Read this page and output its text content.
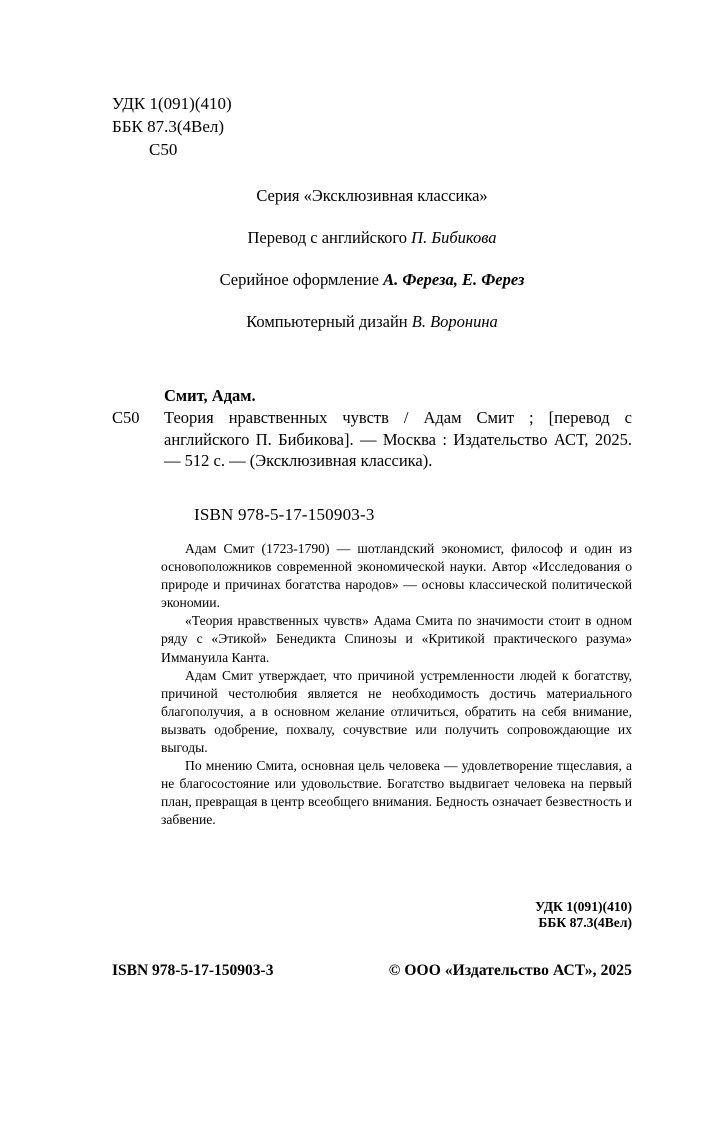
УДК 1(091)(410)
ББК 87.3(4Вел)
С50
Серия «Эксклюзивная классика»
Перевод с английского П. Бибикова
Серийное оформление А. Фереза, Е. Ферез
Компьютерный дизайн В. Воронина
Смит, Адам.
С50	Теория нравственных чувств / Адам Смит ; [перевод с английского П. Бибикова]. — Москва : Издательство АСТ, 2025. — 512 с. — (Эксклюзивная классика).
ISBN 978-5-17-150903-3

Адам Смит (1723-1790) — шотландский экономист, философ и один из основоположников современной экономической науки. Автор «Исследования о природе и причинах богатства народов» — основы классической политической экономии.

«Теория нравственных чувств» Адама Смита по значимости стоит в одном ряду с «Этикой» Бенедикта Спинозы и «Критикой практического разума» Иммануила Канта.

Адам Смит утверждает, что причиной устремленности людей к богатству, причиной честолюбия является не необходимость достичь материального благополучия, а в основном желание отличиться, обратить на себя внимание, вызвать одобрение, похвалу, сочувствие или получить сопровождающие их выгоды.

По мнению Смита, основная цель человека — удовлетворение тщеславия, а не благосостояние или удовольствие. Богатство выдвигает человека на первый план, превращая в центр всеобщего внимания. Бедность означает безвестность и забвение.

УДК 1(091)(410)
ББК 87.3(4Вел)
ISBN 978-5-17-150903-3	© ООО «Издательство АСТ», 2025
